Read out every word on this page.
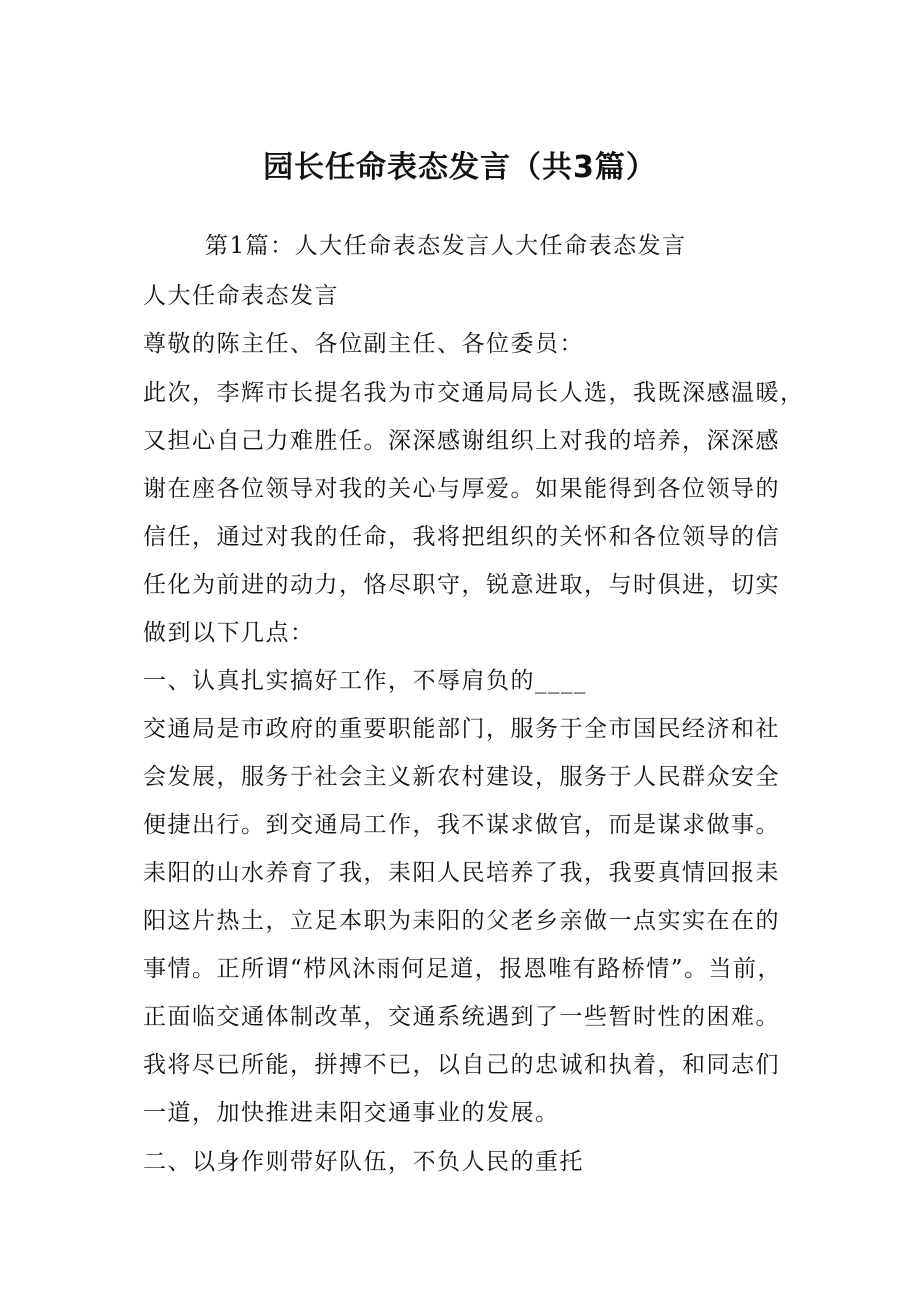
园长任命表态发言（共3篇）
第1篇：人大任命表态发言人大任命表态发言
人大任命表态发言
尊敬的陈主任、各位副主任、各位委员：
此次，李辉市长提名我为市交通局局长人选，我既深感温暖，
又担心自己力难胜任。深深感谢组织上对我的培养，深深感
谢在座各位领导对我的关心与厚爱。如果能得到各位领导的
信任，通过对我的任命，我将把组织的关怀和各位领导的信
任化为前进的动力，恪尽职守，锐意进取，与时俱进，切实
做到以下几点：
一、认真扎实搞好工作，不辱肩负的____
交通局是市政府的重要职能部门，服务于全市国民经济和社
会发展，服务于社会主义新农村建设，服务于人民群众安全
便捷出行。到交通局工作，我不谋求做官，而是谋求做事。
耒阳的山水养育了我，耒阳人民培养了我，我要真情回报耒
阳这片热土，立足本职为耒阳的父老乡亲做一点实实在在的
事情。正所谓“栉风沐雨何足道，报恩唯有路桥情”。当前，
正面临交通体制改革，交通系统遇到了一些暂时性的困难。
我将尽已所能，拼搏不已，以自己的忠诚和执着，和同志们
一道，加快推进耒阳交通事业的发展。
二、以身作则带好队伍，不负人民的重托
